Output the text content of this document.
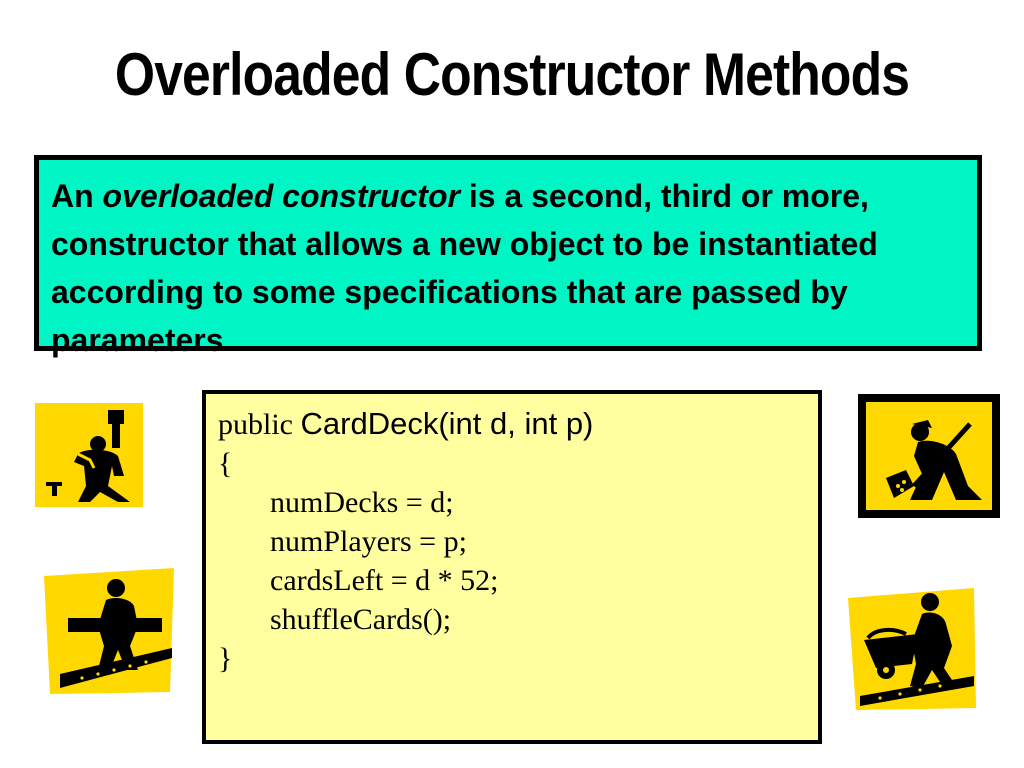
Overloaded Constructor Methods
An overloaded constructor is a second, third or more, constructor that allows a new object to be instantiated according to some specifications that are passed by parameters.
public CardDeck(int d, int p)
{
numDecks = d;
numPlayers = p;
cardsLeft = d * 52;
shuffleCards();
}
